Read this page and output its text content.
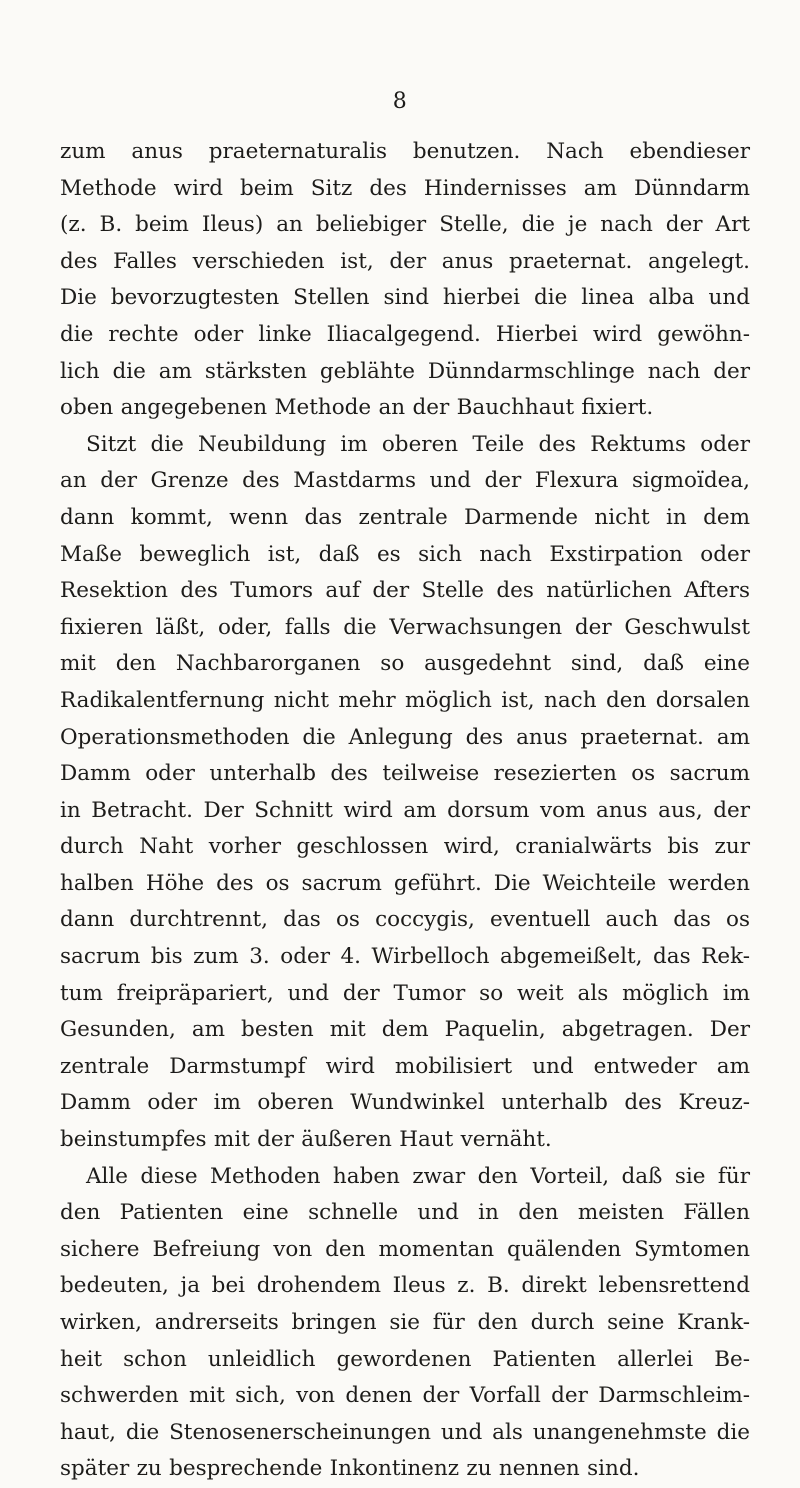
8
zum anus praeternaturalis benutzen. Nach ebendieser
Methode wird beim Sitz des Hindernisses am Dünndarm
(z. B. beim Ileus) an beliebiger Stelle, die je nach der Art
des Falles verschieden ist, der anus praeternat. angelegt.
Die bevorzugtesten Stellen sind hierbei die linea alba und
die rechte oder linke Iliacalgegend. Hierbei wird gewöhn-
lich die am stärksten geblähte Dünndarmschlinge nach der
oben angegebenen Methode an der Bauchhaut fixiert.
Sitzt die Neubildung im oberen Teile des Rektums oder
an der Grenze des Mastdarms und der Flexura sigmoïdea,
dann kommt, wenn das zentrale Darmende nicht in dem
Maße beweglich ist, daß es sich nach Exstirpation oder
Resektion des Tumors auf der Stelle des natürlichen Afters
fixieren läßt, oder, falls die Verwachsungen der Geschwulst
mit den Nachbarorganen so ausgedehnt sind, daß eine
Radikalentfernung nicht mehr möglich ist, nach den dorsalen
Operationsmethoden die Anlegung des anus praeternat. am
Damm oder unterhalb des teilweise resezierten os sacrum
in Betracht. Der Schnitt wird am dorsum vom anus aus, der
durch Naht vorher geschlossen wird, cranialwärts bis zur
halben Höhe des os sacrum geführt. Die Weichteile werden
dann durchtrennt, das os coccygis, eventuell auch das os
sacrum bis zum 3. oder 4. Wirbelloch abgemeißelt, das Rek-
tum freipräpariert, und der Tumor so weit als möglich im
Gesunden, am besten mit dem Paquelin, abgetragen. Der
zentrale Darmstumpf wird mobilisiert und entweder am
Damm oder im oberen Wundwinkel unterhalb des Kreuz-
beinstumpfes mit der äußeren Haut vernäht.
Alle diese Methoden haben zwar den Vorteil, daß sie für
den Patienten eine schnelle und in den meisten Fällen
sichere Befreiung von den momentan quälenden Symtomen
bedeuten, ja bei drohendem Ileus z. B. direkt lebensrettend
wirken, andrerseits bringen sie für den durch seine Krank-
heit schon unleidlich gewordenen Patienten allerlei Be-
schwerden mit sich, von denen der Vorfall der Darmschleim-
haut, die Stenosenerscheinungen und als unangenehmste die
später zu besprechende Inkontinenz zu nennen sind.
